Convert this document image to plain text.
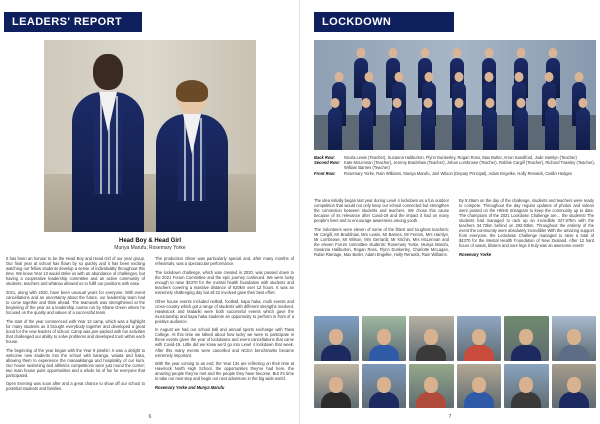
LEADERS' REPORT
Head Boy & Head Girl
Munya Marufu, Rosemary Yorke

It has been an honour to be the Head Boy and Head Girl of our year group. Our final year at school has flown by so quickly and it has been exciting watching our fellow students develop a sense of individuality throughout this time. We knew Year 13 would strike us with an abundance of challenges, but having a cooperative leadership committee and an active community of students, teachers and whānau allowed us to fulfil our positions with ease.

2021, along with 2020, have been unusual years for everyone. With event cancellations and an uncertainty about the future, our leadership team had to come together and think ahead. The teamwork was strengthened at the beginning of the year as a leadership course run by Shane Green where he focused on the quality and values of a successful team.

The start of the year commenced with Year 13 camp, which was a highlight for many students as it brought everybody together and developed a great bond for the new leaders of school. Camp was jam-packed with fun activities that challenged our ability to solve problems and developed trust within each house.

The beginning of the year began with the Year 9 pōwhiri. It was a delight to welcome new students into the school with karanga, waiata and haka, allowing them to experience the manaakitanga and hospitality of our kura. Our house swimming and athletics competitions were just round the corner; two main house point opportunities and a whole lot of fun for everyone that participated.

Open Evening was soon after and a great chance to show off our school to potential students and families.

The production Oliver was particularly special and, after many months of rehearsals, was a spectacular performance.

The lockdown challenge, which was created in 2020, was passed down to the 2021 Forum Committee and the epic journey continued. We were lucky enough to raise $4370 for the mental health foundation with students and teachers covering a massive distance of 620km over 12 hours. It was an extremely challenging day but all 22 involved gave their best effort.

Other house events included netball, football, kapa haka, multi events and cross-country which got a range of students with different strengths involved. Hawkstock and Matariki were both successful events which gave the musicianship and kapa haka students an opportunity to perform in front of a positive audience.

In August we had our school ball and annual sports exchange with Tawa College. At this time we talked about how lucky we were to participate in these events given the year of lockdowns and event cancellations that came with Covid-19. Little did we know we'd go into Level 4 lockdown that week. After this many events were cancelled and NCEA benchmarks became extremely important.

With the year coming to an end, the Year 13s are reflecting on their time at Havelock North High School, the opportunities they've had here, the amazing people they've met and the people they have become. But it's time to take our next step and begin our next adventure in the big wide world.

Rosemary Yorke and Munya Marufu

6
LOCKDOWN
Back Row:	Nicola Lewis (Teacher), Suzanna Haliburton, Flynn Dunkerley, Rogan Ross, Max Butler, Arron Sandiford, Jude Hamlyn (Teacher)
Second Row: Kate McLennan (Teacher), Jeremy Bradshaw (Teacher), Johan Lombrowe (Teacher), Robbie Cargill (Teacher), Richard Townley (Teacher), William Barnes (Teacher)
Front Row:	Rosemary Yorke, Rain Williams, Munya Marufu, Joel Wilson (Deputy Principal), Adam Engelke, Holly Renwick, Caitlin Hedges

The idea initially began last year during Level 4 lockdown as a fun outdoor competition that would not only keep our school connected but strengthen the connection between students and teachers. We chose this cause because of its relevance after Covid-19 and the impact it had on many people's lives and to encourage awareness among youth.

The Volunteers were eleven of some of the fittest and toughest teachers: Mr Cargill, Mr Bradshaw, Mrs Lewis, Mr Barnes, Mr Fenton, Mrs Hamlyn, Mr Lombrowe, Mr Wilson, Mrs Gerrardt, Mr Kitchin, Mrs McLennan and the eleven Forum committee students: Rosemary Yorke, Munya Marufu, Susanna Haliburton, Rogan Ross, Flynn Dunkerley, Charlotte McLagan, Rubie Ramage, Max Butler, Adam Engelke, Holly Renwick, Rain Williams.

By 5:49am on the day of the challenge, students and teachers were ready to compete. Throughout the day regular updates of photos and videos were posted on the HNHS Instagram to keep the community up to date. The champions of the 2021 Lockdown Challenge are… the students! The students had managed to rack up an incredible 327.67km with the teachers 34.73km behind on 292.93km. Throughout the entirety of the event the community were absolutely incredible! With the amazing support from everyone, the Lockdown Challenge managed to raise a total of $4370 for the Mental Health Foundation of New Zealand. After 12 hard hours of sweat, blisters and sore legs it truly was an awesome event!

Rosemary Yorke

7
